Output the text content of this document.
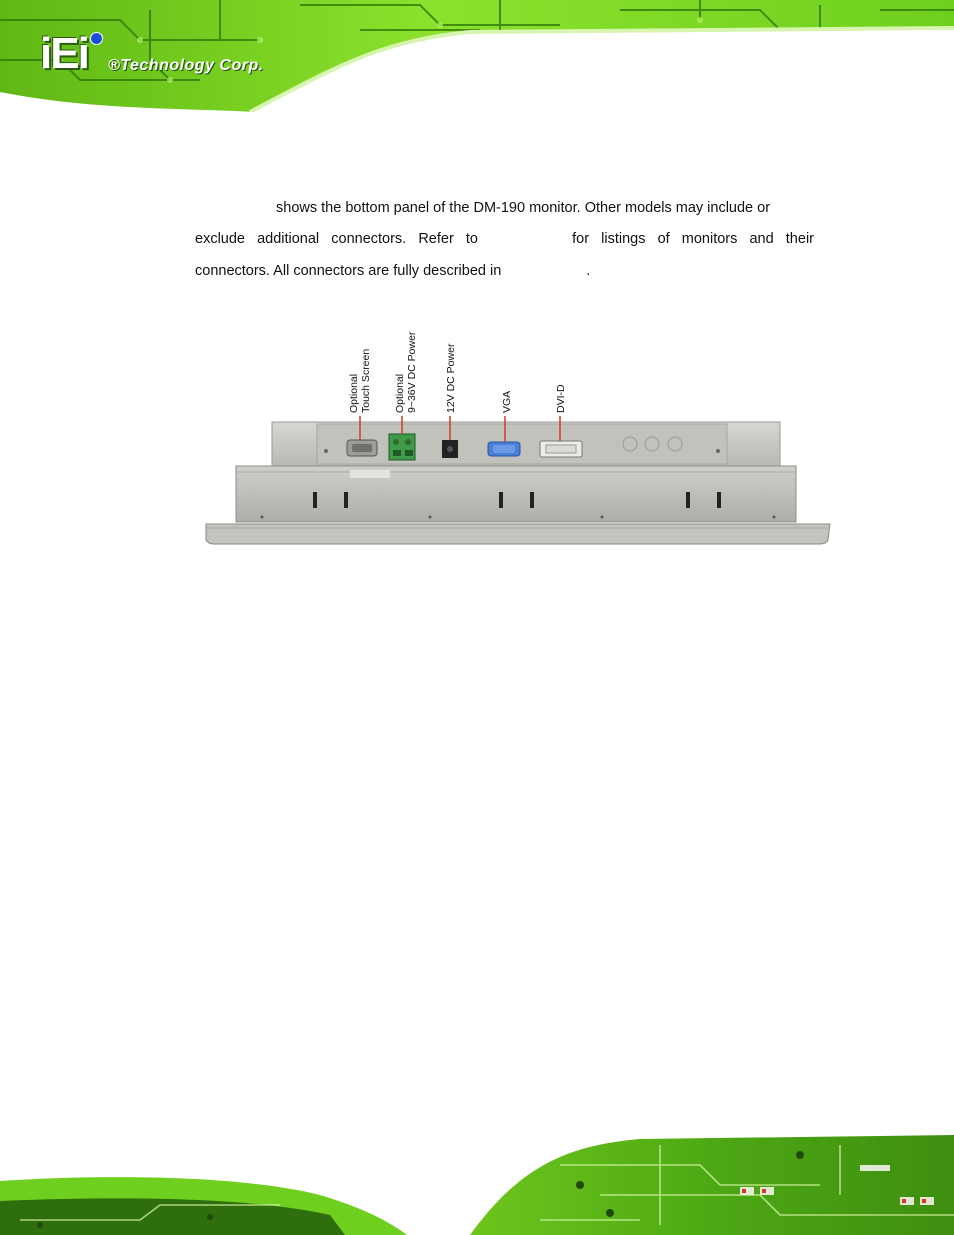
iEi ®Technology Corp.
shows the bottom panel of the DM-190 monitor. Other models may include or
exclude additional connectors. Refer to	for listings of monitors and their
connectors. All connectors are fully described in	.
Optional Touch Screen Optional 9~36V DC Power	12V DC Power	VGA	DVI-D
